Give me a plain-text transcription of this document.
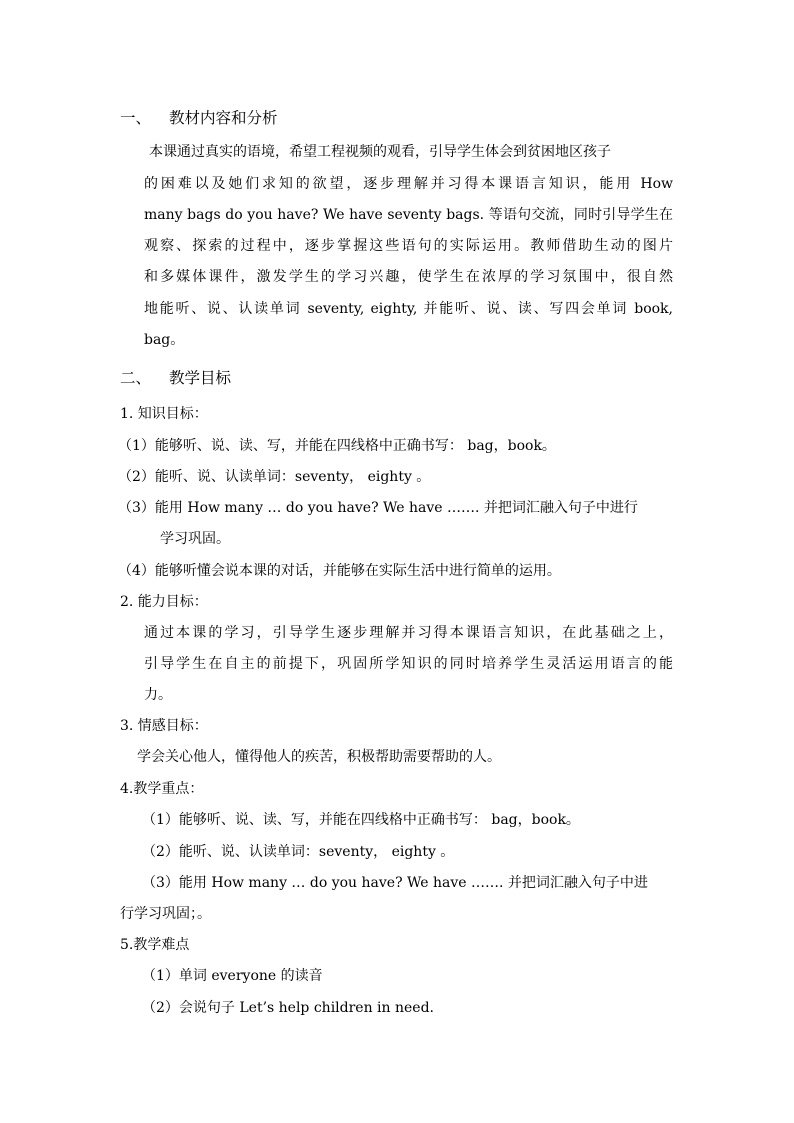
一、 教材内容和分析
本课通过真实的语境，希望工程视频的观看，引导学生体会到贫困地区孩子
的困难以及她们求知的欲望，逐步理解并习得本课语言知识，能用 How
many bags do you have? We have seventy bags. 等语句交流，同时引导学生在
观察、探索的过程中，逐步掌握这些语句的实际运用。教师借助生动的图片
和多媒体课件，激发学生的学习兴趣，使学生在浓厚的学习氛围中，很自然
地能听、说、认读单词 seventy, eighty, 并能听、说、读、写四会单词 book,
bag。
二、 教学目标
1. 知识目标：
（1）能够听、说、读、写，并能在四线格中正确书写： bag，book。
（2）能听、说、认读单词：seventy， eighty 。
（3）能用 How many … do you have? We have ……. 并把词汇融入句子中进行
学习巩固。
（4）能够听懂会说本课的对话，并能够在实际生活中进行简单的运用。
2. 能力目标：
通过本课的学习，引导学生逐步理解并习得本课语言知识，在此基础之上，
引导学生在自主的前提下，巩固所学知识的同时培养学生灵活运用语言的能
力。
3. 情感目标：
学会关心他人，懂得他人的疾苦，积极帮助需要帮助的人。
4.教学重点：
（1）能够听、说、读、写，并能在四线格中正确书写： bag，book。
（2）能听、说、认读单词：seventy， eighty 。
（3）能用 How many … do you have? We have ……. 并把词汇融入句子中进
行学习巩固；。
5.教学难点
（1）单词 everyone 的读音
（2）会说句子 Let’s help children in need.
